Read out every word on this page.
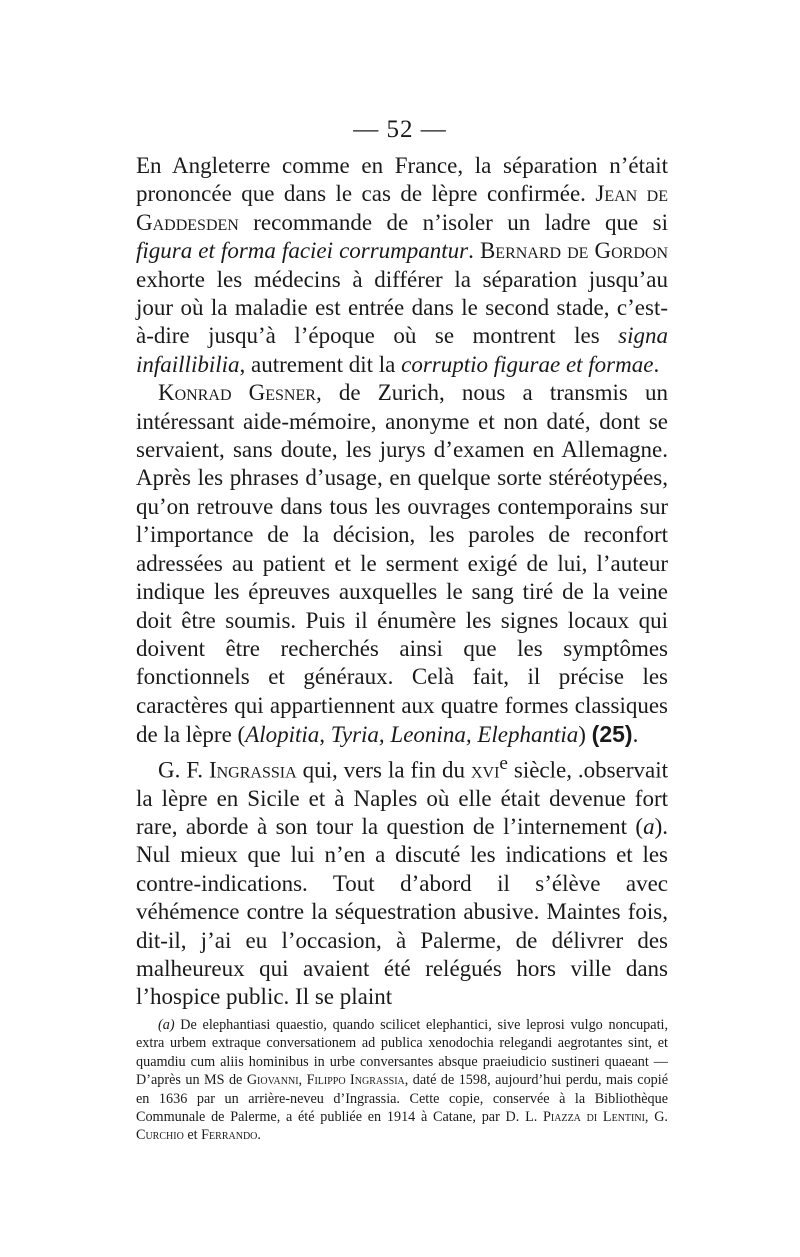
— 52 —

En Angleterre comme en France, la séparation n’était prononcée que dans le cas de lèpre confirmée. Jean de Gaddesden recommande de n’isoler un ladre que si figura et forma faciei corrumpantur. Bernard de Gordon exhorte les médecins à différer la séparation jusqu’au jour où la maladie est entrée dans le second stade, c’est-à-dire jusqu’à l’époque où se montrent les signa infaillibilia, autrement dit la corruptio figurae et formae.

Konrad Gesner, de Zurich, nous a transmis un intéressant aide-mémoire, anonyme et non daté, dont se servaient, sans doute, les jurys d’examen en Allemagne. Après les phrases d’usage, en quelque sorte stéréotypées, qu’on retrouve dans tous les ouvrages contemporains sur l’importance de la décision, les paroles de reconfort adressées au patient et le serment exigé de lui, l’auteur indique les épreuves auxquelles le sang tiré de la veine doit être soumis. Puis il énumère les signes locaux qui doivent être recherchés ainsi que les symptômes fonctionnels et généraux. Celà fait, il précise les caractères qui appartiennent aux quatre formes classiques de la lèpre (Alopitia, Tyria, Leonina, Elephantia) (25).

G. F. Ingrassia qui, vers la fin du xvi$^e$ siècle, .observait la lèpre en Sicile et à Naples où elle était devenue fort rare, aborde à son tour la question de l’internement (a). Nul mieux que lui n’en a discuté les indications et les contre-indications. Tout d’abord il s’élève avec véhémence contre la séquestration abusive. Maintes fois, dit-il, j’ai eu l’occasion, à Palerme, de délivrer des malheureux qui avaient été relégués hors ville dans l’hospice public. Il se plaint

(a) De elephantiasi quaestio, quando scilicet elephantici, sive leprosi vulgo noncupati, extra urbem extraque conversationem ad publica xenodochia relegandi aegrotantes sint, et quamdiu cum aliis hominibus in urbe conversantes absque praeiudicio sustineri quaeant — D’après un MS de Giovanni, Filippo Ingrassia, daté de 1598, aujourd’hui perdu, mais copié en 1636 par un arrière-neveu d’Ingrassia. Cette copie, conservée à la Bibliothèque Communale de Palerme, a été publiée en 1914 à Catane, par D. L. Piazza di Lentini, G. Curchio et Ferrando.
